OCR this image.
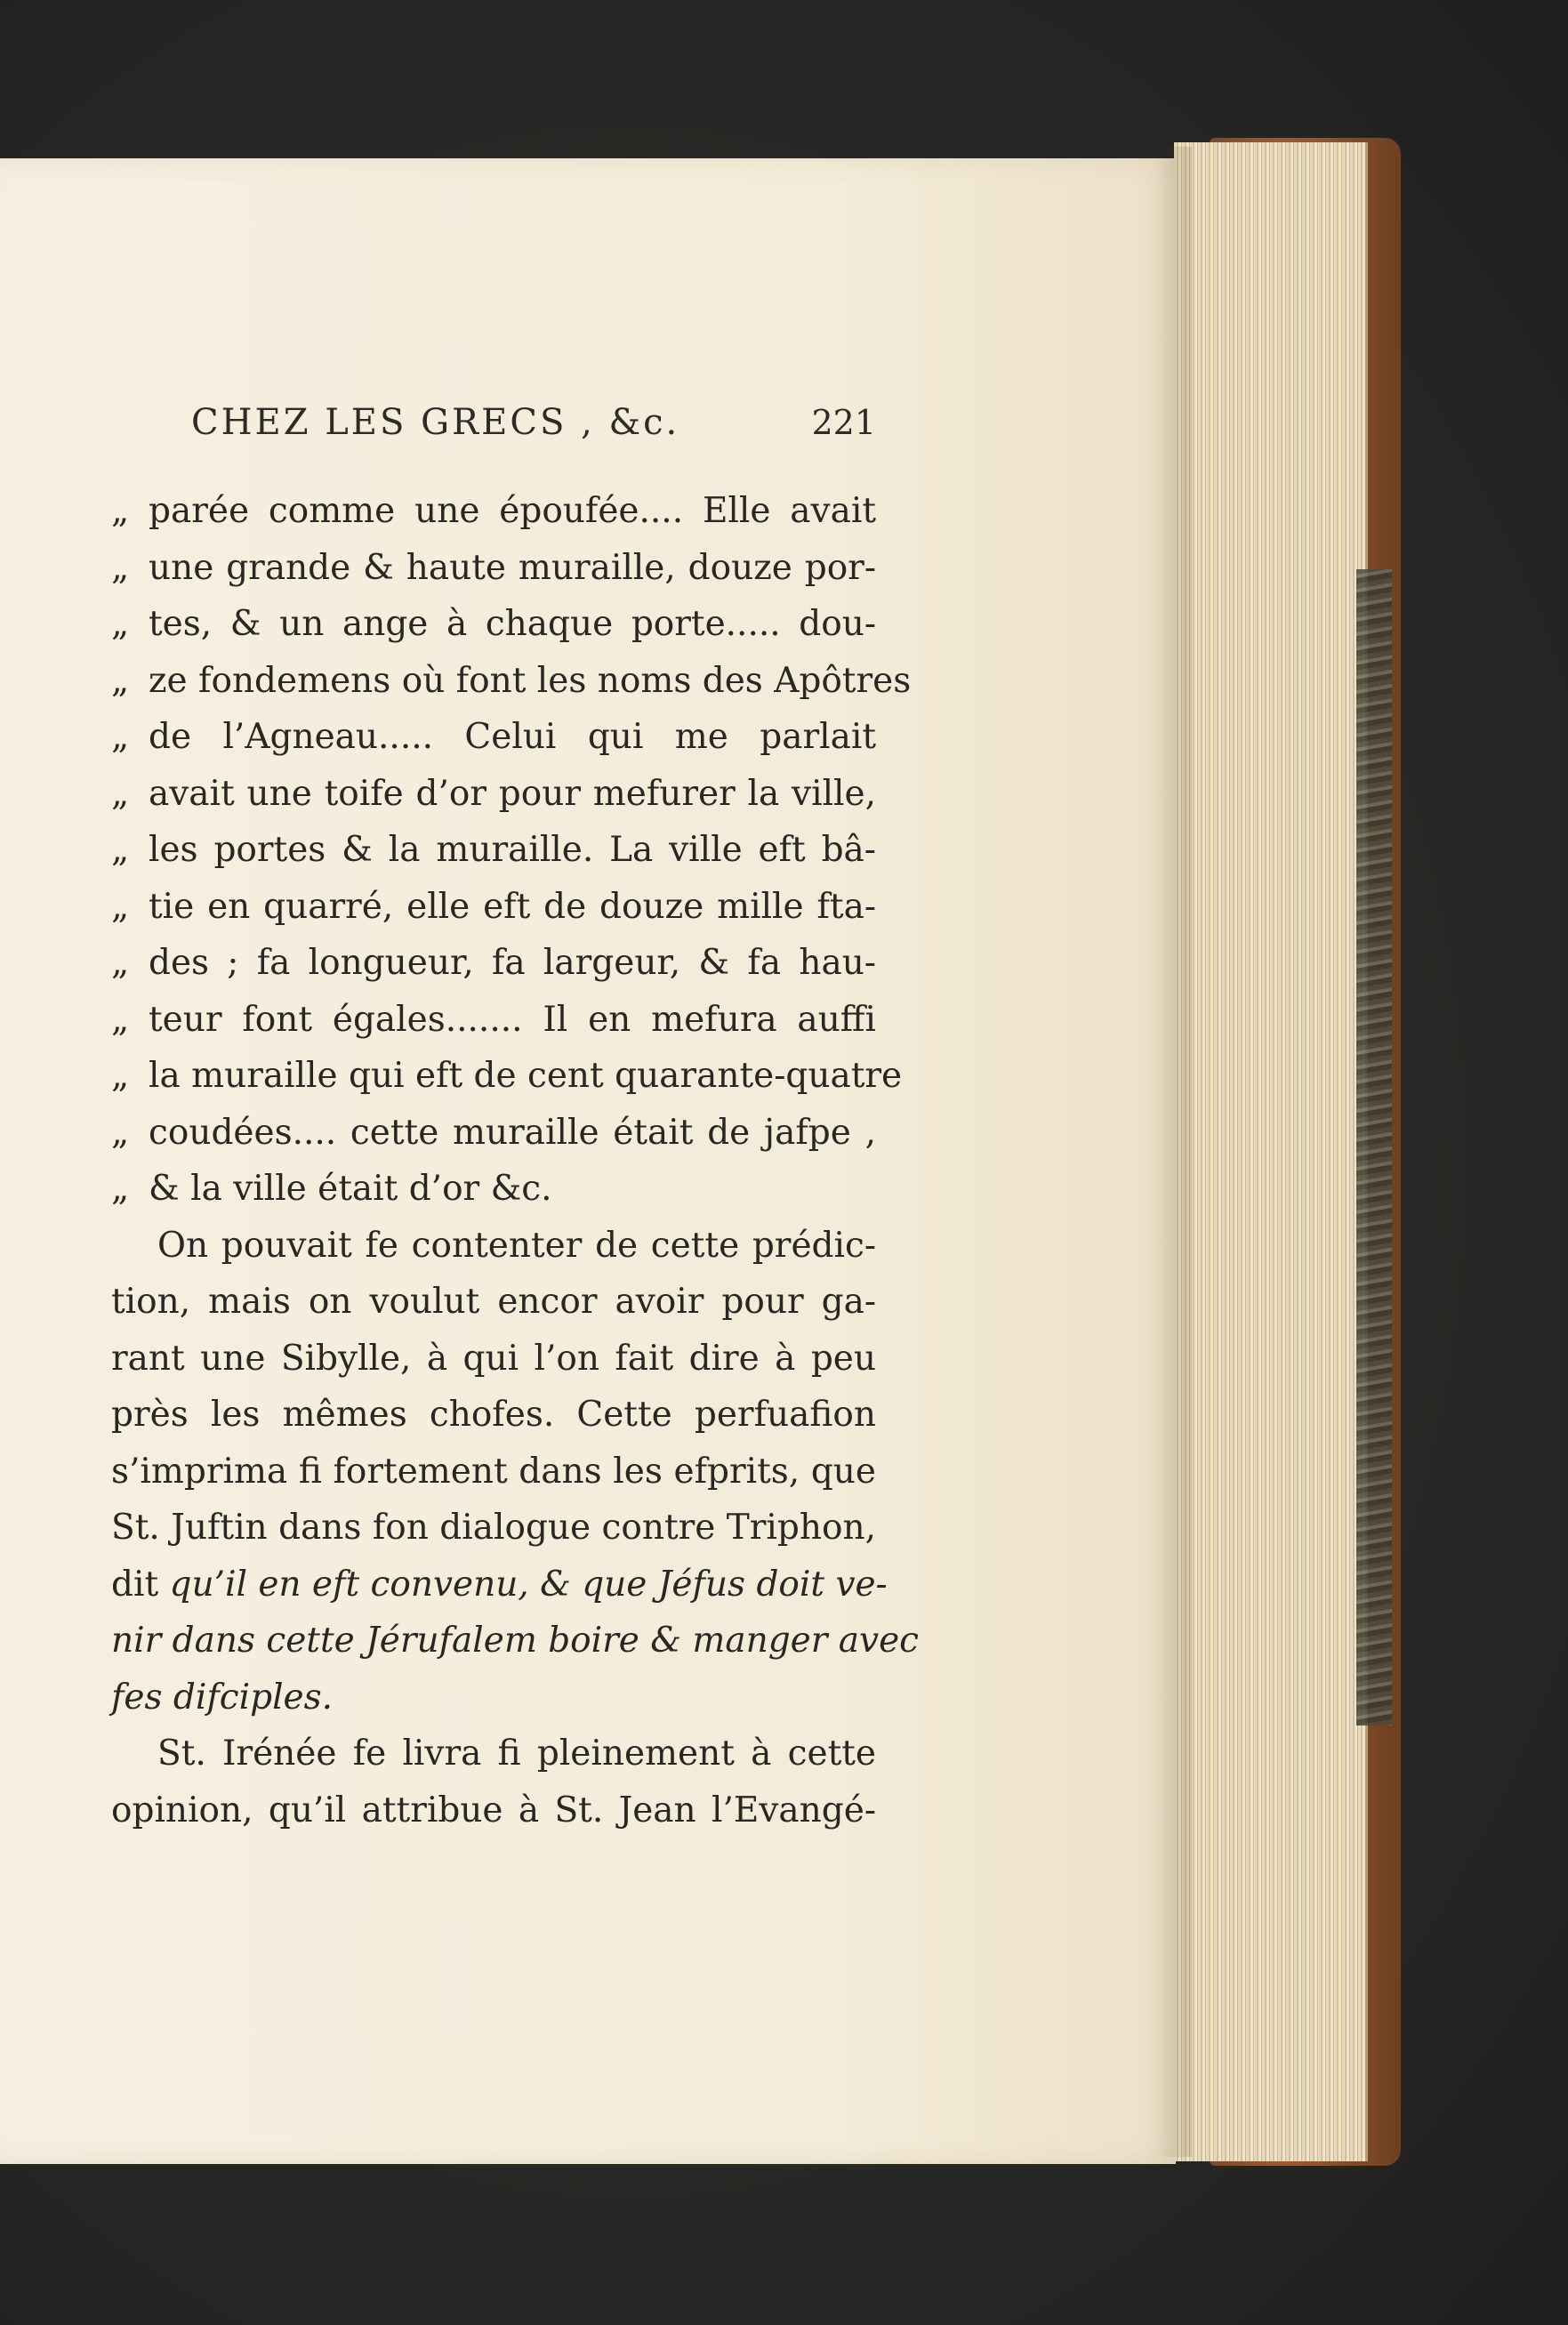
CHEZ LES GRECS , &c.	221
„ parée comme une époufée.... Elle avait
„ une grande & haute muraille, douze por-
„ tes, & un ange à chaque porte..... dou-
„ ze fondemens où font les noms des Apôtres
„ de l’Agneau..... Celui qui me parlait
„ avait une toife d’or pour mefurer la ville,
„ les portes & la muraille. La ville eft bâ-
„ tie en quarré, elle eft de douze mille fta-
„ des ; fa longueur, fa largeur, & fa hau-
„ teur font égales....... Il en mefura auffi
„ la muraille qui eft de cent quarante-quatre
„ coudées.... cette muraille était de jafpe ,
„ & la ville était d’or &c.
On pouvait fe contenter de cette prédic-
tion, mais on voulut encor avoir pour ga-
rant une Sibylle, à qui l’on fait dire à peu
près les mêmes chofes. Cette perfuafion
s’imprima fi fortement dans les efprits, que
St. Juftin dans fon dialogue contre Triphon,
dit qu’il en eft convenu, & que Jéfus doit ve-
nir dans cette Jérufalem boire & manger avec
fes difciples.
St. Irénée fe livra fi pleinement à cette
opinion, qu’il attribue à St. Jean l’Evangé-
